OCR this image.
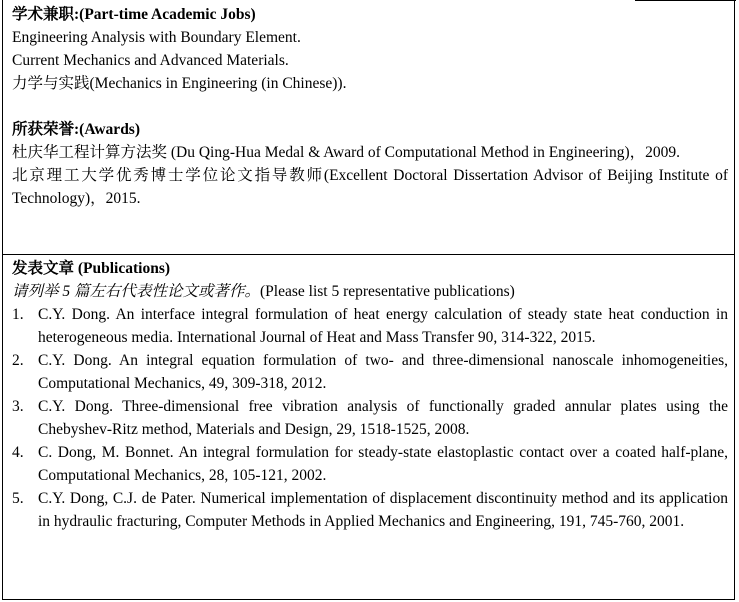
学术兼职:(Part-time Academic Jobs)
Engineering Analysis with Boundary Element.
Current Mechanics and Advanced Materials.
力学与实践(Mechanics in Engineering (in Chinese)).
所获荣誉:(Awards)
杜庆华工程计算方法奖 (Du Qing-Hua Medal & Award of Computational Method in Engineering)，2009.
北京理工大学优秀博士学位论文指导教师(Excellent Doctoral Dissertation Advisor of Beijing Institute of Technology)，2015.
发表文章 (Publications)
请列举 5 篇左右代表性论文或著作。(Please list 5 representative publications)
1. C.Y. Dong. An interface integral formulation of heat energy calculation of steady state heat conduction in heterogeneous media. International Journal of Heat and Mass Transfer 90, 314-322, 2015.
2. C.Y. Dong. An integral equation formulation of two- and three-dimensional nanoscale inhomogeneities, Computational Mechanics, 49, 309-318, 2012.
3. C.Y. Dong. Three-dimensional free vibration analysis of functionally graded annular plates using the Chebyshev-Ritz method, Materials and Design, 29, 1518-1525, 2008.
4. C. Dong, M. Bonnet. An integral formulation for steady-state elastoplastic contact over a coated half-plane, Computational Mechanics, 28, 105-121, 2002.
5. C.Y. Dong, C.J. de Pater. Numerical implementation of displacement discontinuity method and its application in hydraulic fracturing, Computer Methods in Applied Mechanics and Engineering, 191, 745-760, 2001.
